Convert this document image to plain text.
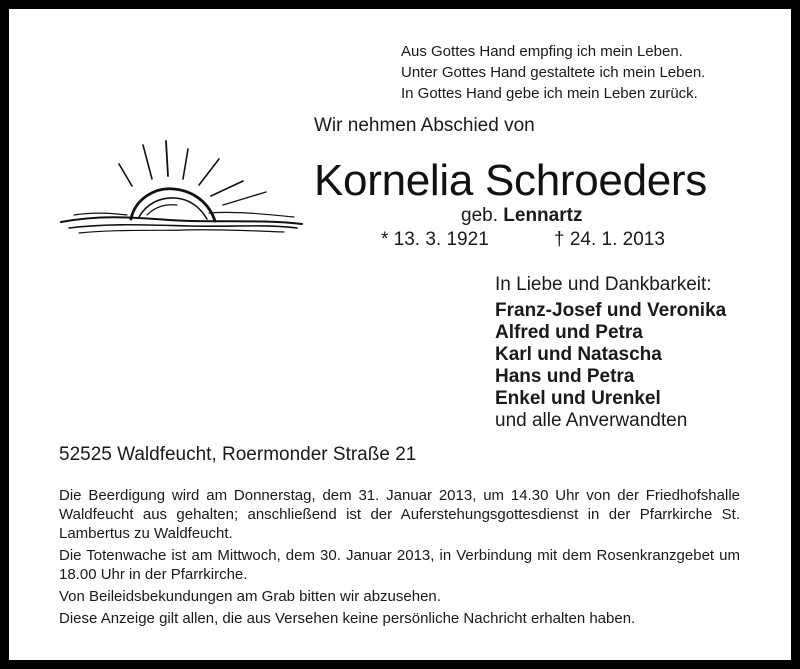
Aus Gottes Hand empfing ich mein Leben.
Unter Gottes Hand gestaltete ich mein Leben.
In Gottes Hand gebe ich mein Leben zurück.
Wir nehmen Abschied von
Kornelia Schroeders
geb. Lennartz
* 13. 3. 1921	† 24. 1. 2013
In Liebe und Dankbarkeit:
Franz-Josef und Veronika
Alfred und Petra
Karl und Natascha
Hans und Petra
Enkel und Urenkel
und alle Anverwandten
52525 Waldfeucht, Roermonder Straße 21

Die Beerdigung wird am Donnerstag, dem 31. Januar 2013, um 14.30 Uhr von der Friedhofshalle Waldfeucht aus gehalten; anschließend ist der Auferstehungsgottesdienst in der Pfarrkirche St. Lambertus zu Waldfeucht.

Die Totenwache ist am Mittwoch, dem 30. Januar 2013, in Verbindung mit dem Rosenkranzgebet um 18.00 Uhr in der Pfarrkirche.

Von Beileidsbekundungen am Grab bitten wir abzusehen.

Diese Anzeige gilt allen, die aus Versehen keine persönliche Nachricht erhalten haben.
